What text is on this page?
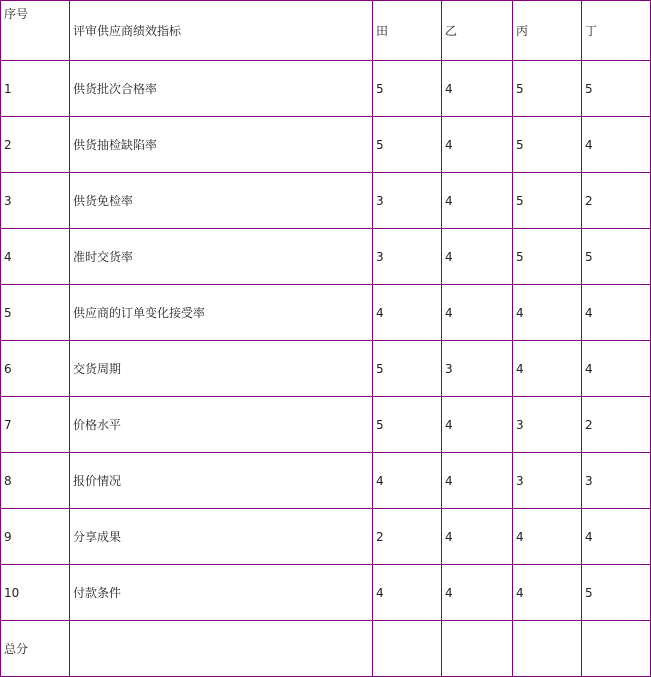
序号	评审供应商绩效指标	田	乙	丙	丁
1	供货批次合格率	5	4	5	5
2	供货抽检缺陷率	5	4	5	4
3	供货免检率	3	4	5	2
4	准时交货率	3	4	5	5
5	供应商的订单变化接受率	4	4	4	4
6	交货周期	5	3	4	4
7	价格水平	5	4	3	2
8	报价情况	4	4	3	3
9	分享成果	2	4	4	4
10	付款条件	4	4	4	5
总分					
